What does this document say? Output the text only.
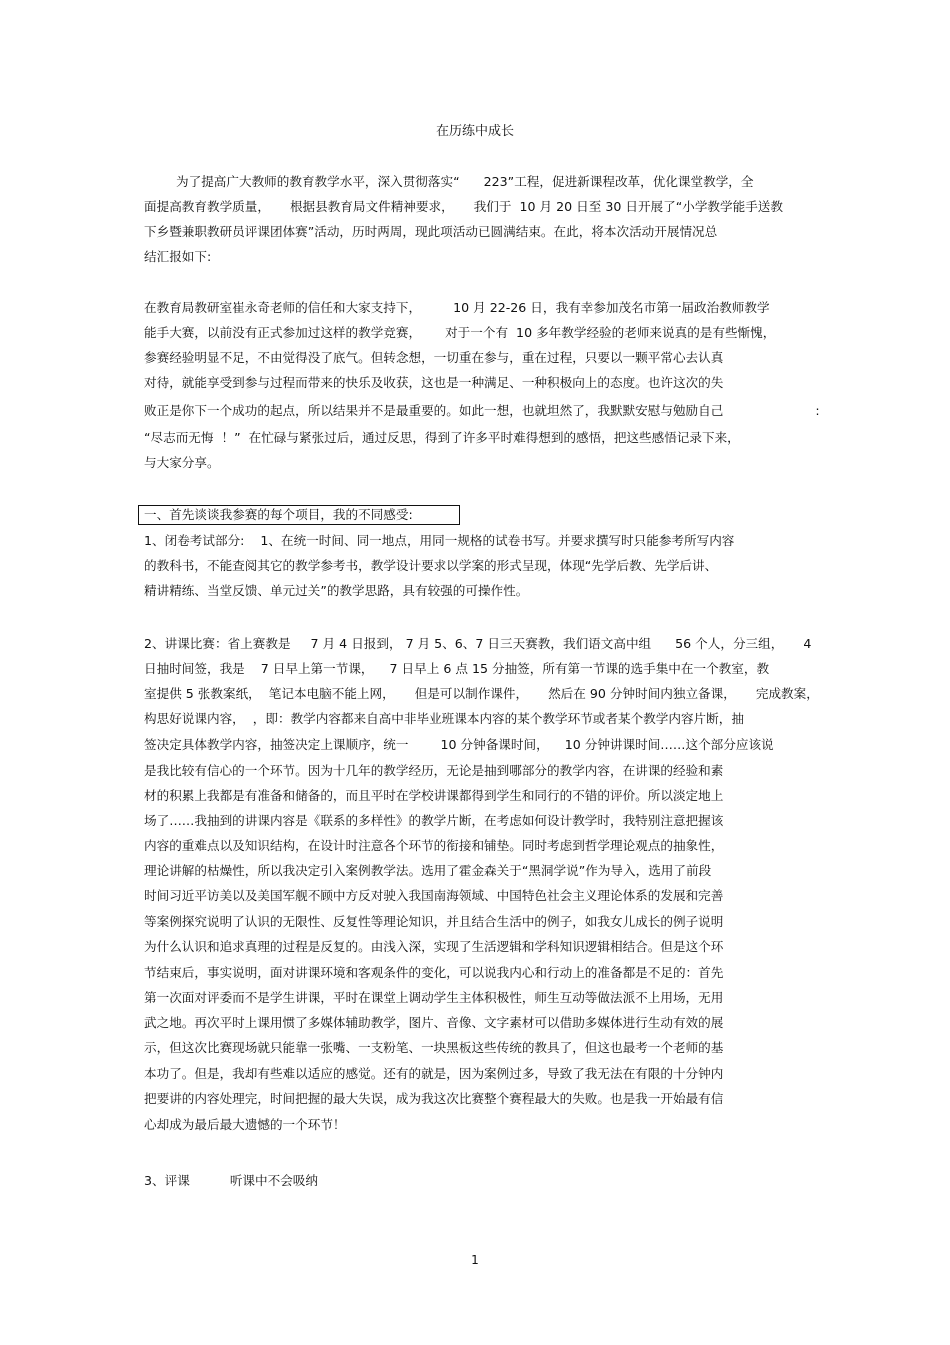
在历练中成长
为了提高广大教师的教育教学水平，深入贯彻落实“      223”工程，促进新课程改革，优化课堂教学，全
面提高教育教学质量，     根据县教育局文件精神要求，     我们于  10 月 20 日至 30 日开展了“小学教学能手送教
下乡暨兼职教研员评课团体赛”活动，历时两周，现此项活动已圆满结束。在此，将本次活动开展情况总
结汇报如下:
在教育局教研室崔永奇老师的信任和大家支持下，        10 月 22-26 日，我有幸参加茂名市第一届政治教师教学
能手大赛，以前没有正式参加过这样的教学竞赛，      对于一个有  10 多年教学经验的老师来说真的是有些惭愧，
参赛经验明显不足，不由觉得没了底气。但转念想，一切重在参与，重在过程，只要以一颗平常心去认真
对待，就能享受到参与过程而带来的快乐及收获，这也是一种满足、一种积极向上的态度。也许这次的失
败正是你下一个成功的起点，所以结果并不是最重要的。如此一想，也就坦然了，我默默安慰与勉励自己                       :
“尽志而无悔  ！”  在忙碌与紧张过后，通过反思，得到了许多平时难得想到的感悟，把这些感悟记录下来，
与大家分享。
一、首先谈谈我参赛的每个项目，我的不同感受:
1、闭卷考试部分:    1、在统一时间、同一地点，用同一规格的试卷书写。并要求撰写时只能参考所写内容
的教科书，不能查阅其它的教学参考书，教学设计要求以学案的形式呈现，体现“先学后教、先学后讲、
精讲精练、当堂反馈、单元过关”的教学思路，具有较强的可操作性。
2、讲课比赛：省上赛教是     7 月 4 日报到， 7 月 5、6、7 日三天赛教，我们语文高中组      56 个人，分三组，     4
日抽时间签，我是    7 日早上第一节课，    7 日早上 6 点 15 分抽签，所有第一节课的选手集中在一个教室，教
室提供 5 张教案纸，  笔记本电脑不能上网，     但是可以制作课件，     然后在 90 分钟时间内独立备课，     完成教案，
构思好说课内容，  ，即：教学内容都来自高中非毕业班课本内容的某个教学环节或者某个教学内容片断，抽
签决定具体教学内容，抽签决定上课顺序，统一        10 分钟备课时间，    10 分钟讲课时间……这个部分应该说
是我比较有信心的一个环节。因为十几年的教学经历，无论是抽到哪部分的教学内容，在讲课的经验和素
材的积累上我都是有准备和储备的，而且平时在学校讲课都得到学生和同行的不错的评价。所以淡定地上
场了……我抽到的讲课内容是《联系的多样性》的教学片断，在考虑如何设计教学时，我特别注意把握该
内容的重难点以及知识结构，在设计时注意各个环节的衔接和铺垫。同时考虑到哲学理论观点的抽象性，
理论讲解的枯燥性，所以我决定引入案例教学法。选用了霍金森关于“黑洞学说”作为导入，选用了前段
时间习近平访美以及美国军舰不顾中方反对驶入我国南海领域、中国特色社会主义理论体系的发展和完善
等案例探究说明了认识的无限性、反复性等理论知识，并且结合生活中的例子，如我女儿成长的例子说明
为什么认识和追求真理的过程是反复的。由浅入深，实现了生活逻辑和学科知识逻辑相结合。但是这个环
节结束后，事实说明，面对讲课环境和客观条件的变化，可以说我内心和行动上的准备都是不足的：首先
第一次面对评委而不是学生讲课，平时在课堂上调动学生主体积极性，师生互动等做法派不上用场，无用
武之地。再次平时上课用惯了多媒体辅助教学，图片、音像、文字素材可以借助多媒体进行生动有效的展
示，但这次比赛现场就只能靠一张嘴、一支粉笔、一块黑板这些传统的教具了，但这也最考一个老师的基
本功了。但是，我却有些难以适应的感觉。还有的就是，因为案例过多，导致了我无法在有限的十分钟内
把要讲的内容处理完，时间把握的最大失误，成为我这次比赛整个赛程最大的失败。也是我一开始最有信
心却成为最后最大遗憾的一个环节！
3、评课          听课中不会吸纳
1
